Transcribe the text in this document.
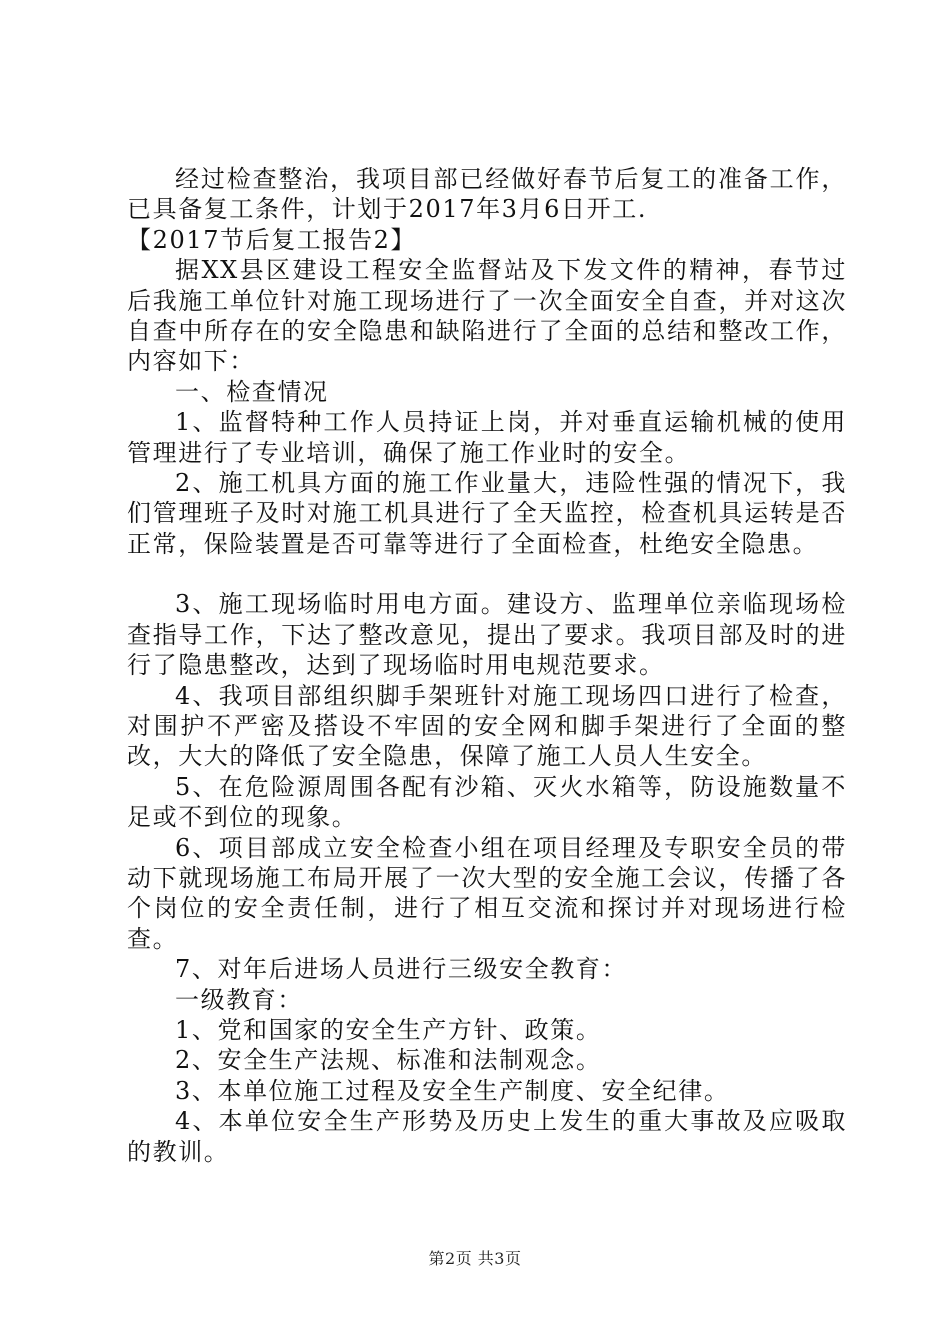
经过检查整治，我项目部已经做好春节后复工的准备工作，已具备复工条件，计划于2017年3月6日开工.

【2017节后复工报告2】

据XX县区建设工程安全监督站及下发文件的精神，春节过后我施工单位针对施工现场进行了一次全面安全自查，并对这次自查中所存在的安全隐患和缺陷进行了全面的总结和整改工作，内容如下：

一、检查情况

1、监督特种工作人员持证上岗，并对垂直运输机械的使用管理进行了专业培训，确保了施工作业时的安全。

2、施工机具方面的施工作业量大，违险性强的情况下，我们管理班子及时对施工机具进行了全天监控，检查机具运转是否正常，保险装置是否可靠等进行了全面检查，杜绝安全隐患。

3、施工现场临时用电方面。建设方、监理单位亲临现场检查指导工作，下达了整改意见，提出了要求。我项目部及时的进行了隐患整改，达到了现场临时用电规范要求。

4、我项目部组织脚手架班针对施工现场四口进行了检查，对围护不严密及搭设不牢固的安全网和脚手架进行了全面的整改，大大的降低了安全隐患，保障了施工人员人生安全。

5、在危险源周围各配有沙箱、灭火水箱等，防设施数量不足或不到位的现象。

6、项目部成立安全检查小组在项目经理及专职安全员的带动下就现场施工布局开展了一次大型的安全施工会议，传播了各个岗位的安全责任制，进行了相互交流和探讨并对现场进行检查。

7、对年后进场人员进行三级安全教育：

一级教育：

1、党和国家的安全生产方针、政策。

2、安全生产法规、标准和法制观念。

3、本单位施工过程及安全生产制度、安全纪律。

4、本单位安全生产形势及历史上发生的重大事故及应吸取的教训。

第2页 共3页
